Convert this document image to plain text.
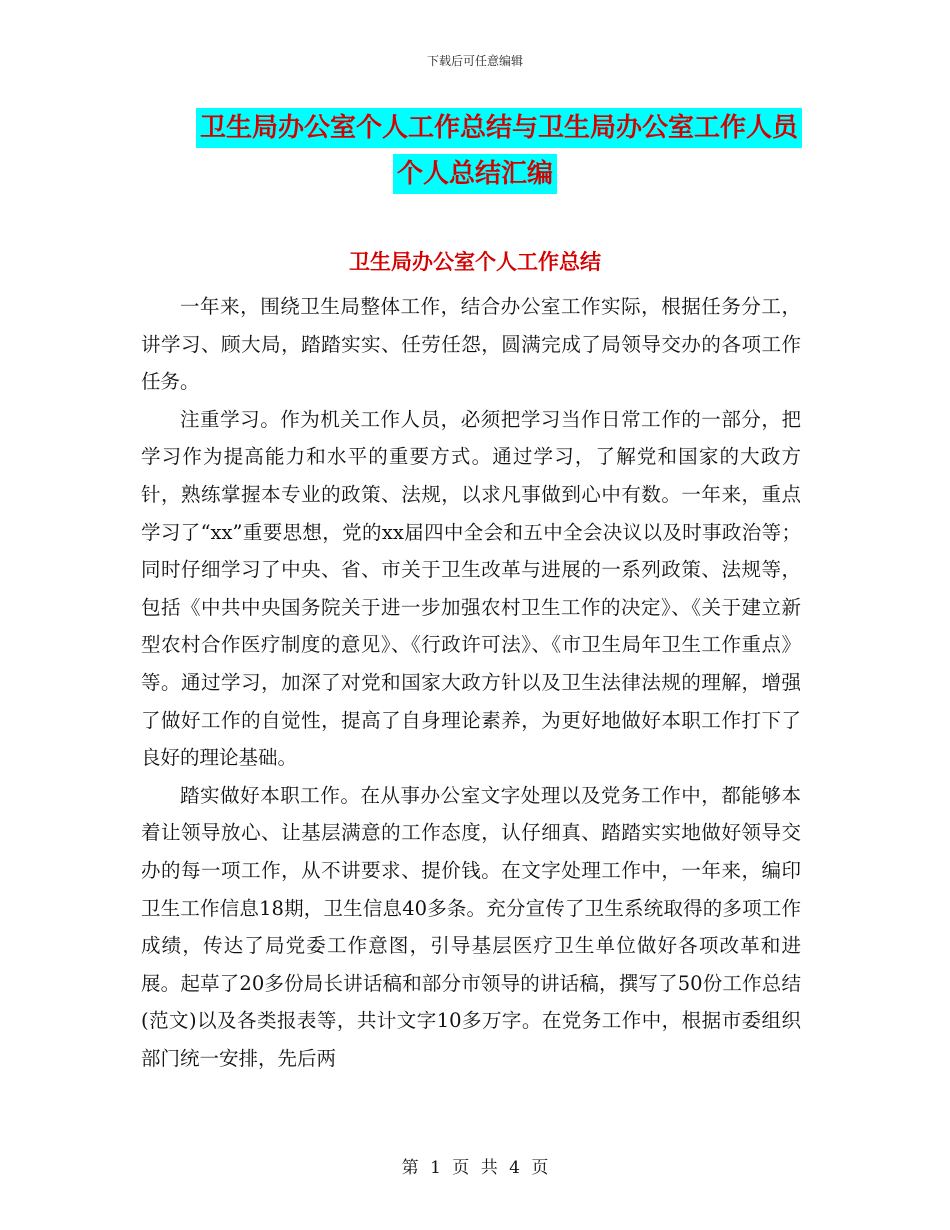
下载后可任意编辑
卫生局办公室个人工作总结与卫生局办公室工作人员
个人总结汇编
卫生局办公室个人工作总结

一年来，围绕卫生局整体工作，结合办公室工作实际，根据任务分工，讲学习、顾大局，踏踏实实、任劳任怨，圆满完成了局领导交办的各项工作任务。

注重学习。作为机关工作人员，必须把学习当作日常工作的一部分，把学习作为提高能力和水平的重要方式。通过学习，了解党和国家的大政方针，熟练掌握本专业的政策、法规，以求凡事做到心中有数。一年来，重点学习了“xx”重要思想，党的xx届四中全会和五中全会决议以及时事政治等；同时仔细学习了中央、省、市关于卫生改革与进展的一系列政策、法规等，包括《中共中央国务院关于进一步加强农村卫生工作的决定》、《关于建立新型农村合作医疗制度的意见》、《行政许可法》、《市卫生局年卫生工作重点》等。通过学习，加深了对党和国家大政方针以及卫生法律法规的理解，增强了做好工作的自觉性，提高了自身理论素养，为更好地做好本职工作打下了良好的理论基础。

踏实做好本职工作。在从事办公室文字处理以及党务工作中，都能够本着让领导放心、让基层满意的工作态度，认仔细真、踏踏实实地做好领导交办的每一项工作，从不讲要求、提价钱。在文字处理工作中，一年来，编印卫生工作信息18期，卫生信息40多条。充分宣传了卫生系统取得的多项工作成绩，传达了局党委工作意图，引导基层医疗卫生单位做好各项改革和进展。起草了20多份局长讲话稿和部分市领导的讲话稿，撰写了50份工作总结(范文)以及各类报表等，共计文字10多万字。在党务工作中，根据市委组织部门统一安排，先后两

第 1 页 共 4 页
